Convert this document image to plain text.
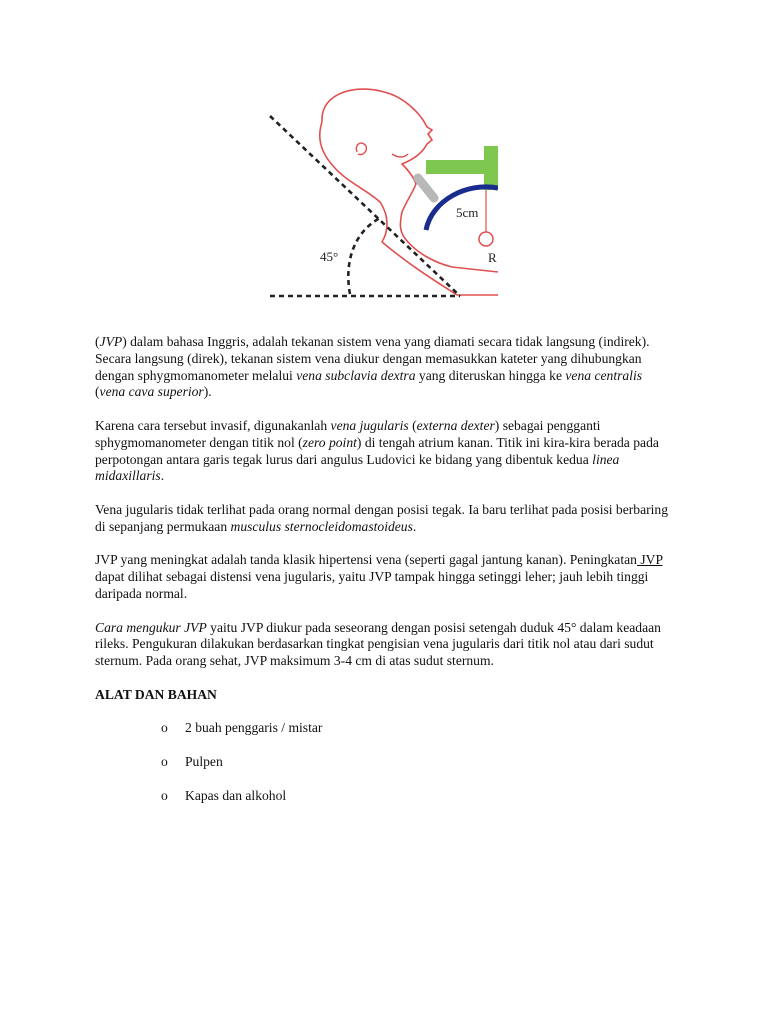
45°
5cm
R

(JVP) dalam bahasa Inggris, adalah tekanan sistem vena yang diamati secara tidak langsung (indirek). Secara langsung (direk), tekanan sistem vena diukur dengan memasukkan kateter yang dihubungkan dengan sphygmomanometer melalui vena subclavia dextra yang diteruskan hingga ke vena centralis (vena cava superior).

Karena cara tersebut invasif, digunakanlah vena jugularis (externa dexter) sebagai pengganti sphygmomanometer dengan titik nol (zero point) di tengah atrium kanan. Titik ini kira-kira berada pada perpotongan antara garis tegak lurus dari angulus Ludovici ke bidang yang dibentuk kedua linea midaxillaris.

Vena jugularis tidak terlihat pada orang normal dengan posisi tegak. Ia baru terlihat pada posisi berbaring di sepanjang permukaan musculus sternocleidomastoideus.

JVP yang meningkat adalah tanda klasik hipertensi vena (seperti gagal jantung kanan). Peningkatan JVP dapat dilihat sebagai distensi vena jugularis, yaitu JVP tampak hingga setinggi leher; jauh lebih tinggi daripada normal.

Cara mengukur JVP yaitu JVP diukur pada seseorang dengan posisi setengah duduk 45° dalam keadaan rileks. Pengukuran dilakukan berdasarkan tingkat pengisian vena jugularis dari titik nol atau dari sudut sternum. Pada orang sehat, JVP maksimum 3-4 cm di atas sudut sternum.

ALAT DAN BAHAN

o 2 buah penggaris / mistar
o Pulpen
o Kapas dan alkohol
